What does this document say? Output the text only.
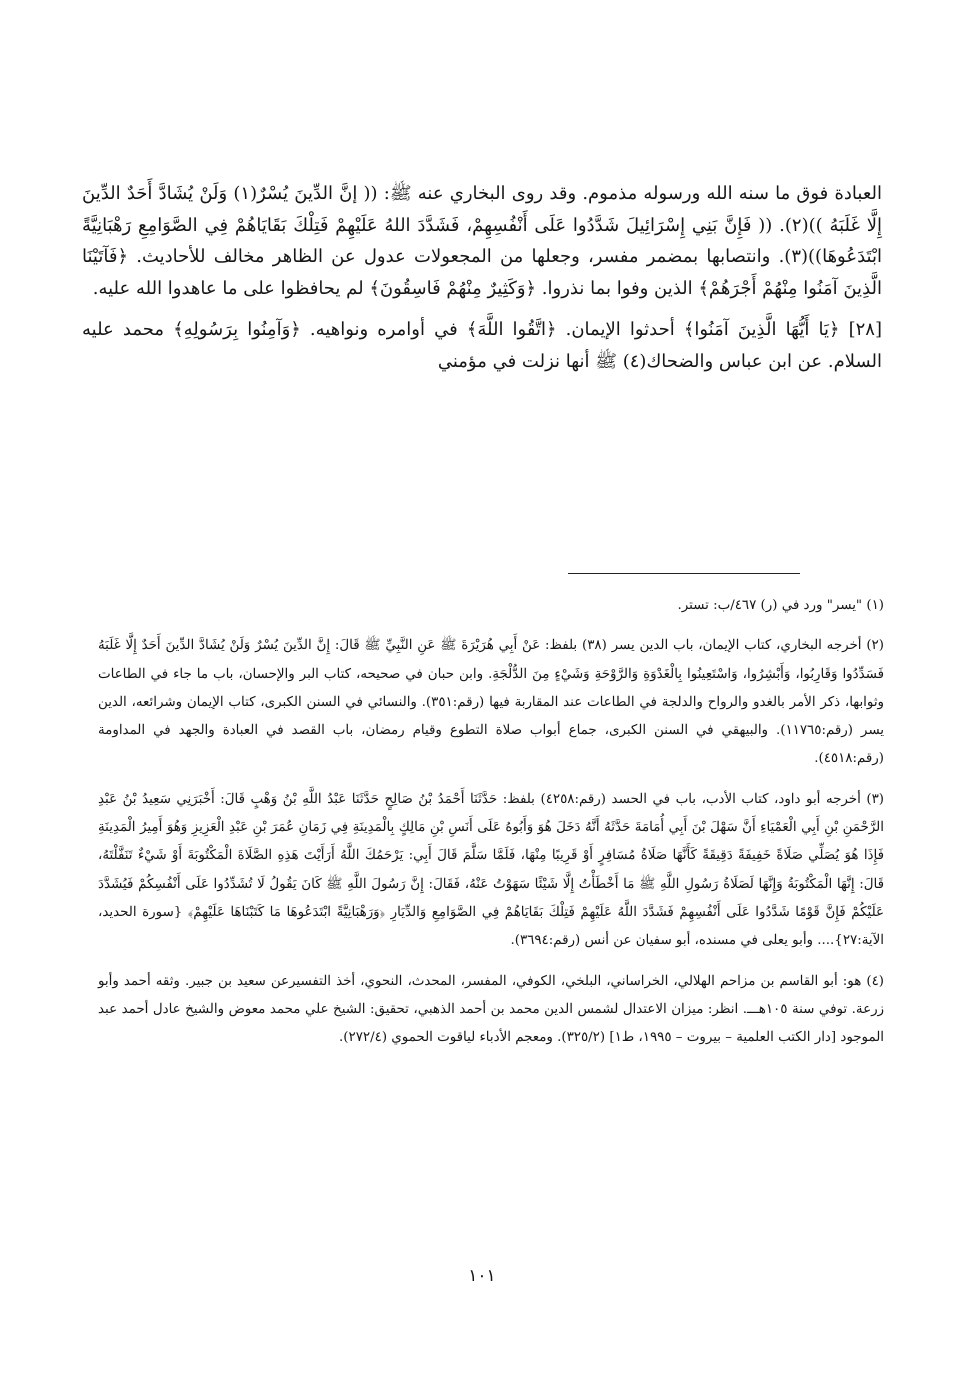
العبادة فوق ما سنه الله ورسوله مذموم. وقد روى البخاري عنه ﷺ: (( إنَّ الدِّينَ يُسْرٌ(١) وَلَنْ يُشَادَّ أَحَدٌ الدِّينَ إِلَّا غَلَبَهُ ))(٢). (( فَإِنَّ بَنِي إِسْرَائِيلَ شَدَّدُوا عَلَى أَنْفُسِهِمْ، فَشَدَّدَ اللهُ عَلَيْهِمْ فَتِلْكَ بَقَايَاهُمْ فِي الصَّوَامِعِ رَهْبَانِيَّةً ابْتَدَعُوهَا))(٣). وانتصابها بمضمر مفسر، وجعلها من المجعولات عدول عن الظاهر مخالف للأحاديث. ﴿فَآتَيْنَا الَّذِينَ آمَنُوا مِنْهُمْ أَجْرَهُمْ﴾ الذين وفوا بما نذروا. ﴿وَكَثِيرٌ مِنْهُمْ فَاسِقُونَ﴾ لم يحافظوا على ما عاهدوا الله عليه.

[٢٨] ﴿يَا أَيُّهَا الَّذِينَ آمَنُوا﴾ أحدثوا الإيمان. ﴿اتَّقُوا اللَّهَ﴾ في أوامره ونواهيه. ﴿وَآمِنُوا بِرَسُولِهِ﴾ محمد عليه السلام. عن ابن عباس والضحاك(٤) ﷺ أنها نزلت في مؤمني

(١) "يسر" ورد في (ر) ٤٦٧/ب: تستر.

(٢) أخرجه البخاري، كتاب الإيمان، باب الدين يسر (٣٨) بلفظ: عَنْ أَبِي هُرَيْرَةَ ﷺ عَنِ النَّبِيِّ ﷺ قَالَ: إِنَّ الدِّينَ يُسْرٌ وَلَنْ يُشَادَّ الدِّينَ أَحَدٌ إِلَّا غَلَبَهُ فَسَدِّدُوا وَقَارِبُوا، وَأَبْشِرُوا، وَاسْتَعِينُوا بِالْغَدْوَةِ وَالرَّوْحَةِ وَشَيْءٍ مِنَ الدُّلْجَةِ. وابن حبان في صحيحه، كتاب البر والإحسان، باب ما جاء في الطاعات وثوابها، ذكر الأمر بالغدو والرواح والدلجة في الطاعات عند المقاربة فيها (رقم:٣٥١). والنسائي في السنن الكبرى، كتاب الإيمان وشرائعه، الدين يسر (رقم:١١٧٦٥). والبيهقي في السنن الكبرى، جماع أبواب صلاة التطوع وقيام رمضان، باب القصد في العبادة والجهد في المداومة (رقم:٤٥١٨).

(٣) أخرجه أبو داود، كتاب الأدب، باب في الحسد (رقم:٤٢٥٨) بلفظ: حَدَّثَنَا أَحْمَدُ بْنُ صَالِحٍ حَدَّثَنَا عَبْدُ اللَّهِ بْنُ وَهْبٍ قَالَ: أَخْبَرَنِي سَعِيدُ بْنُ عَبْدِ الرَّحْمَنِ بْنِ أَبِي الْعَمْيَاءِ أَنَّ سَهْلَ بْنَ أَبِي أُمَامَةَ حَدَّثَهُ أَنَّهُ دَخَلَ هُوَ وَأَبُوهُ عَلَى أَنَسِ بْنِ مَالِكٍ بِالْمَدِينَةِ فِي زَمَانِ عُمَرَ بْنِ عَبْدِ الْعَزِيزِ وَهُوَ أَمِيرُ الْمَدِينَةِ فَإِذَا هُوَ يُصَلِّي صَلَاةً خَفِيفَةً دَقِيقَةً كَأَنَّهَا صَلَاةُ مُسَافِرٍ أَوْ قَرِيبًا مِنْهَا، فَلَمَّا سَلَّمَ قَالَ أَبِي: يَرْحَمُكَ اللَّهُ أَرَأَيْتَ هَذِهِ الصَّلَاةَ الْمَكْتُوبَةَ أَوْ شَيْءٌ تَنَفَّلْتَهُ، قَالَ: إِنَّهَا الْمَكْتُوبَةُ وَإِنَّهَا لَصَلَاةُ رَسُولِ اللَّهِ ﷺ مَا أَخْطَأْتُ إِلَّا شَيْئًا سَهَوْتُ عَنْهُ، فَقَالَ: إِنَّ رَسُولَ اللَّهِ ﷺ كَانَ يَقُولُ لَا تُشَدِّدُوا عَلَى أَنْفُسِكُمْ فَيُشَدَّدَ عَلَيْكُمْ فَإِنَّ قَوْمًا شَدَّدُوا عَلَى أَنْفُسِهِمْ فَشَدَّدَ اللَّهُ عَلَيْهِمْ فَتِلْكَ بَقَايَاهُمْ فِي الصَّوَامِعِ وَالدِّيَارِ ﴿وَرَهْبَانِيَّةً ابْتَدَعُوهَا مَا كَتَبْنَاهَا عَلَيْهِمْ﴾ {سورة الحديد، الآية:٢٧}.... وأبو يعلى في مسنده، أبو سفيان عن أنس (رقم:٣٦٩٤).

(٤) هو: أبو القاسم بن مزاحم الهلالي، الخراساني، البلخي، الكوفي، المفسر، المحدث، النحوي، أخذ التفسيرعن سعيد بن جبير. وثقه أحمد وأبو زرعة. توفي سنة ١٠٥هـــ. انظر: ميزان الاعتدال لشمس الدين محمد بن أحمد الذهبي، تحقيق: الشيخ علي محمد معوض والشيخ عادل أحمد عبد الموجود [دار الكتب العلمية – بيروت – ١٩٩٥، ط١] (٣٢٥/٢). ومعجم الأدباء لياقوت الحموي (٢٧٢/٤).

١٠١
